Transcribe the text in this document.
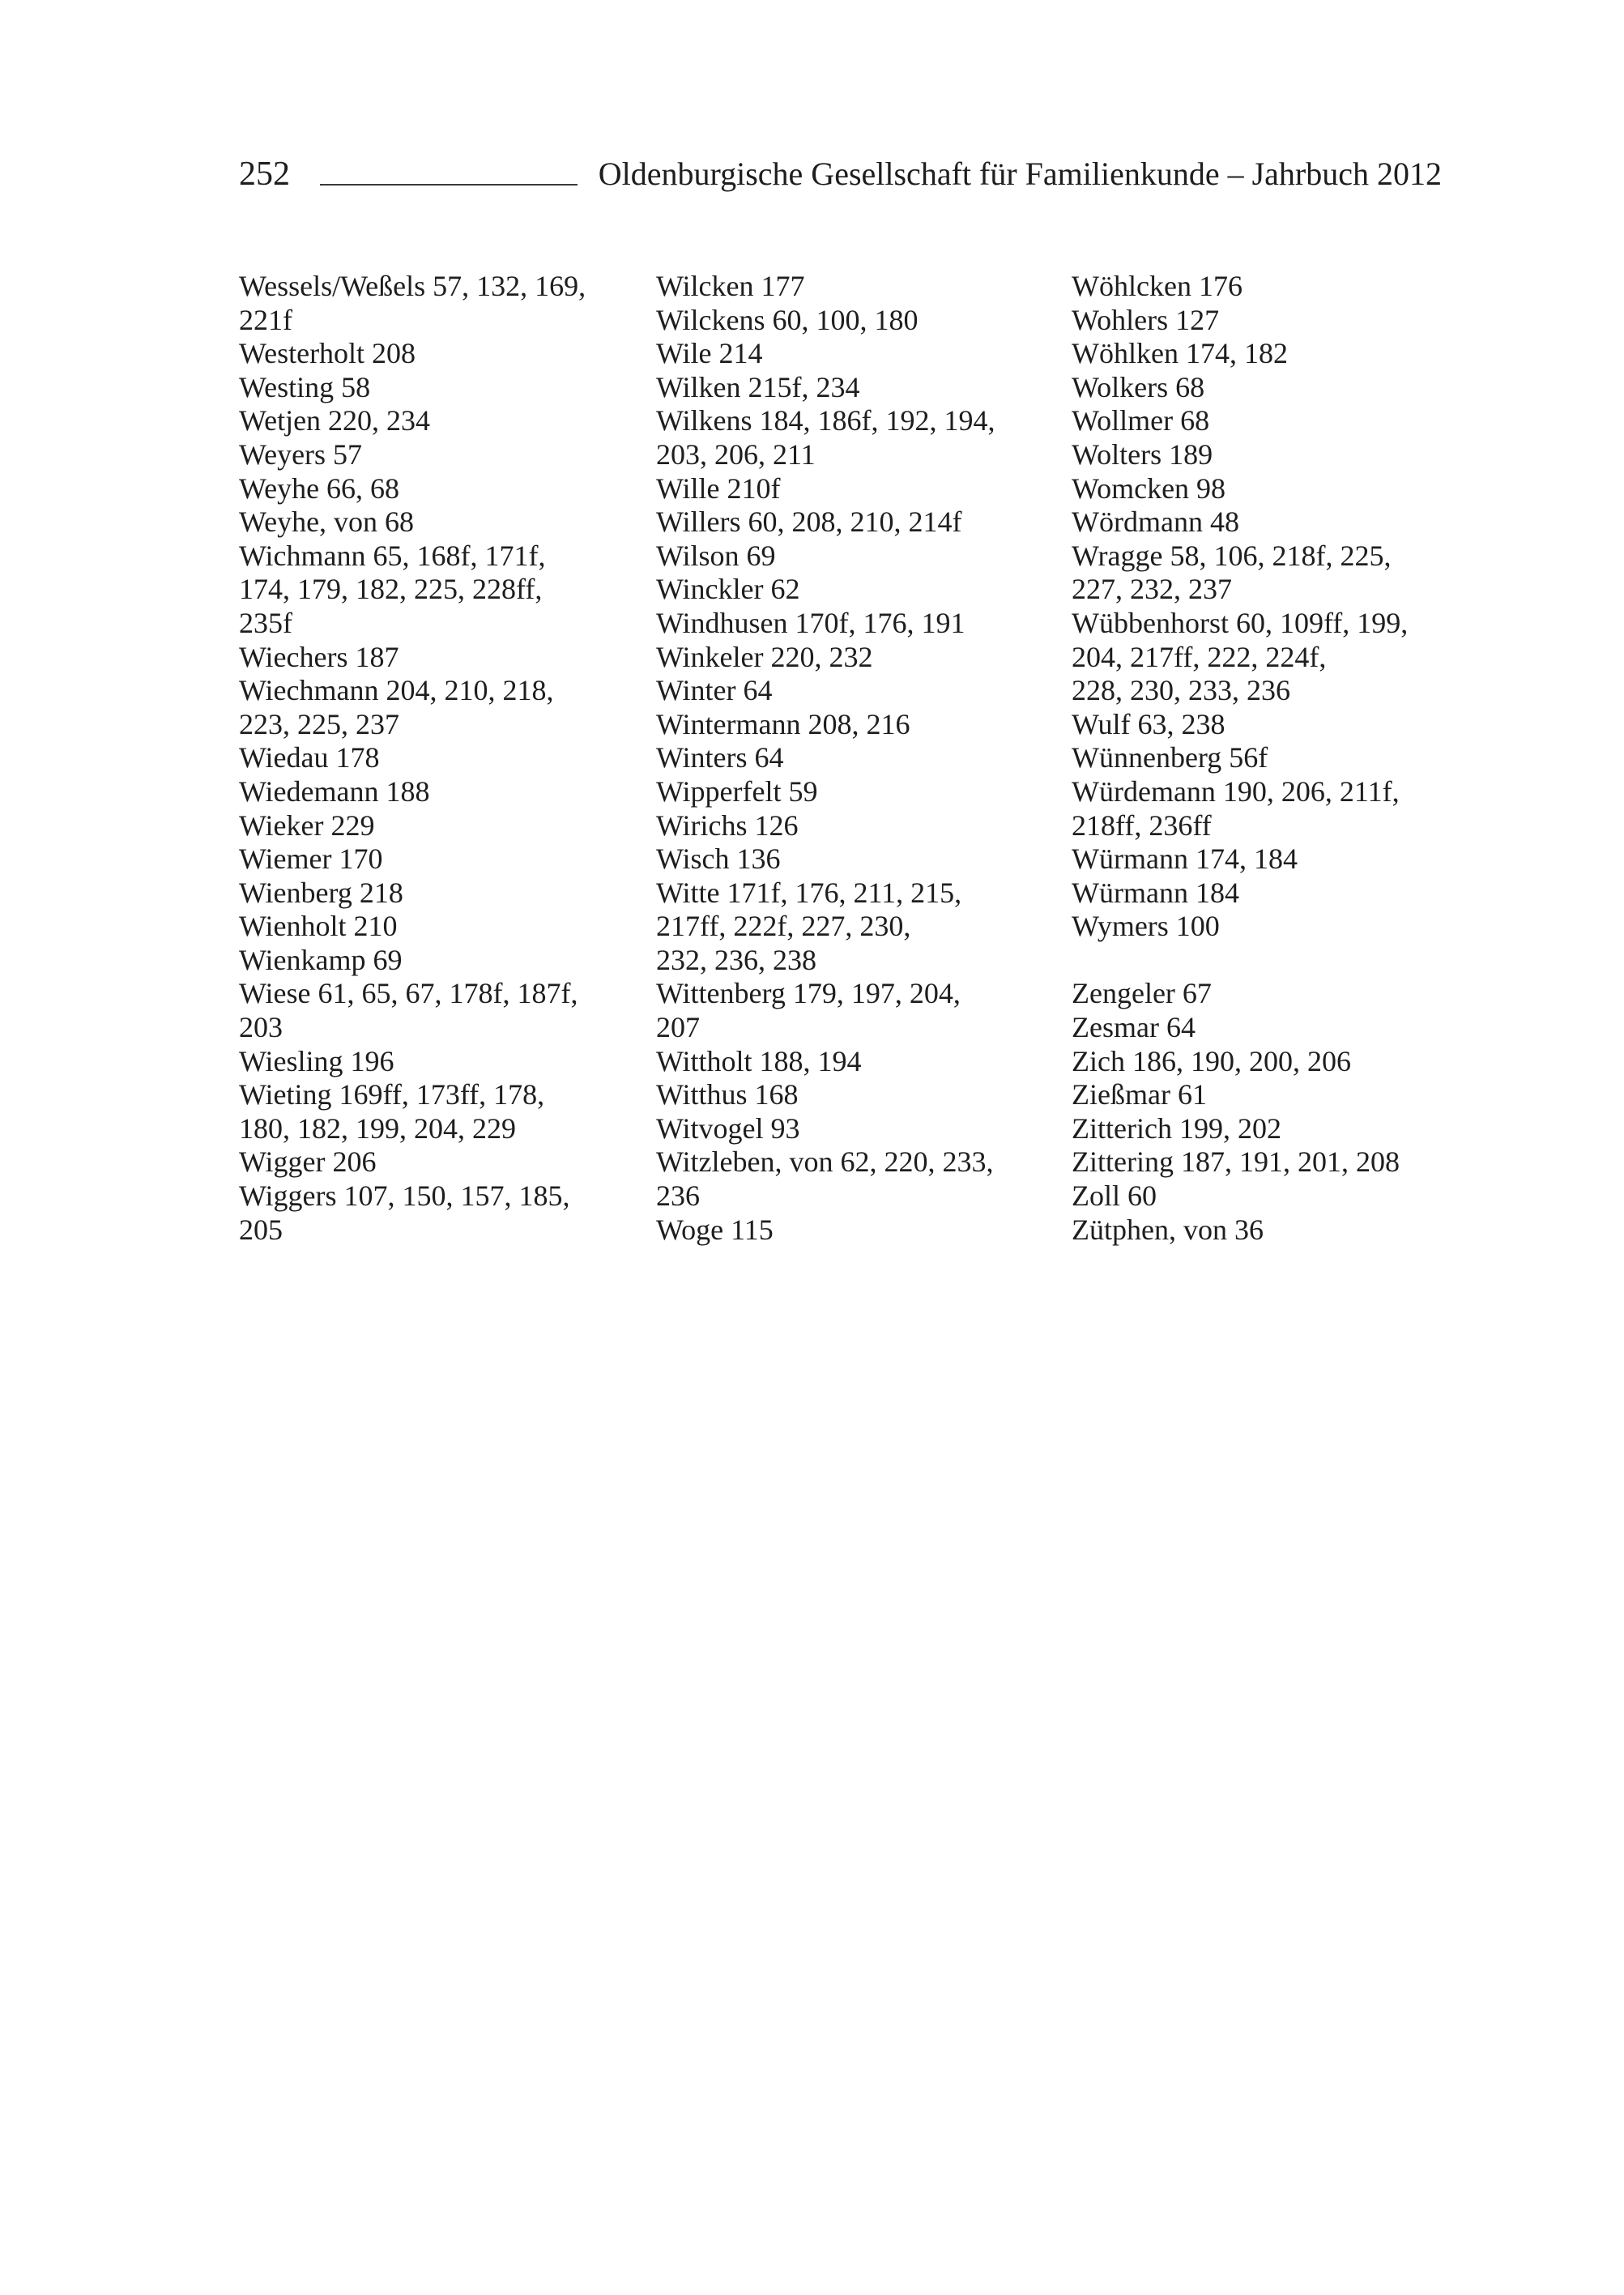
252	Oldenburgische Gesellschaft für Familienkunde – Jahrbuch 2012
Wessels/Weßels 57, 132, 169,
221f
Westerholt 208
Westing 58
Wetjen 220, 234
Weyers 57
Weyhe 66, 68
Weyhe, von 68
Wichmann 65, 168f, 171f,
174, 179, 182, 225, 228ff,
235f
Wiechers 187
Wiechmann 204, 210, 218,
223, 225, 237
Wiedau 178
Wiedemann 188
Wieker 229
Wiemer 170
Wienberg 218
Wienholt 210
Wienkamp 69
Wiese 61, 65, 67, 178f, 187f,
203
Wiesling 196
Wieting 169ff, 173ff, 178,
180, 182, 199, 204, 229
Wigger 206
Wiggers 107, 150, 157, 185,
205
Wilcken 177
Wilckens 60, 100, 180
Wile 214
Wilken 215f, 234
Wilkens 184, 186f, 192, 194,
203, 206, 211
Wille 210f
Willers 60, 208, 210, 214f
Wilson 69
Winckler 62
Windhusen 170f, 176, 191
Winkeler 220, 232
Winter 64
Wintermann 208, 216
Winters 64
Wipperfelt 59
Wirichs 126
Wisch 136
Witte 171f, 176, 211, 215,
217ff, 222f, 227, 230,
232, 236, 238
Wittenberg 179, 197, 204,
207
Wittholt 188, 194
Witthus 168
Witvogel 93
Witzleben, von 62, 220, 233,
236
Woge 115
Wöhlcken 176
Wohlers 127
Wöhlken 174, 182
Wolkers 68
Wollmer 68
Wolters 189
Womcken 98
Wördmann 48
Wragge 58, 106, 218f, 225,
227, 232, 237
Wübbenhorst 60, 109ff, 199,
204, 217ff, 222, 224f,
228, 230, 233, 236
Wulf 63, 238
Wünnenberg 56f
Würdemann 190, 206, 211f,
218ff, 236ff
Würmann 174, 184
Würmann 184
Wymers 100
Zengeler 67
Zesmar 64
Zich 186, 190, 200, 206
Zießmar 61
Zitterich 199, 202
Zittering 187, 191, 201, 208
Zoll 60
Zütphen, von 36
